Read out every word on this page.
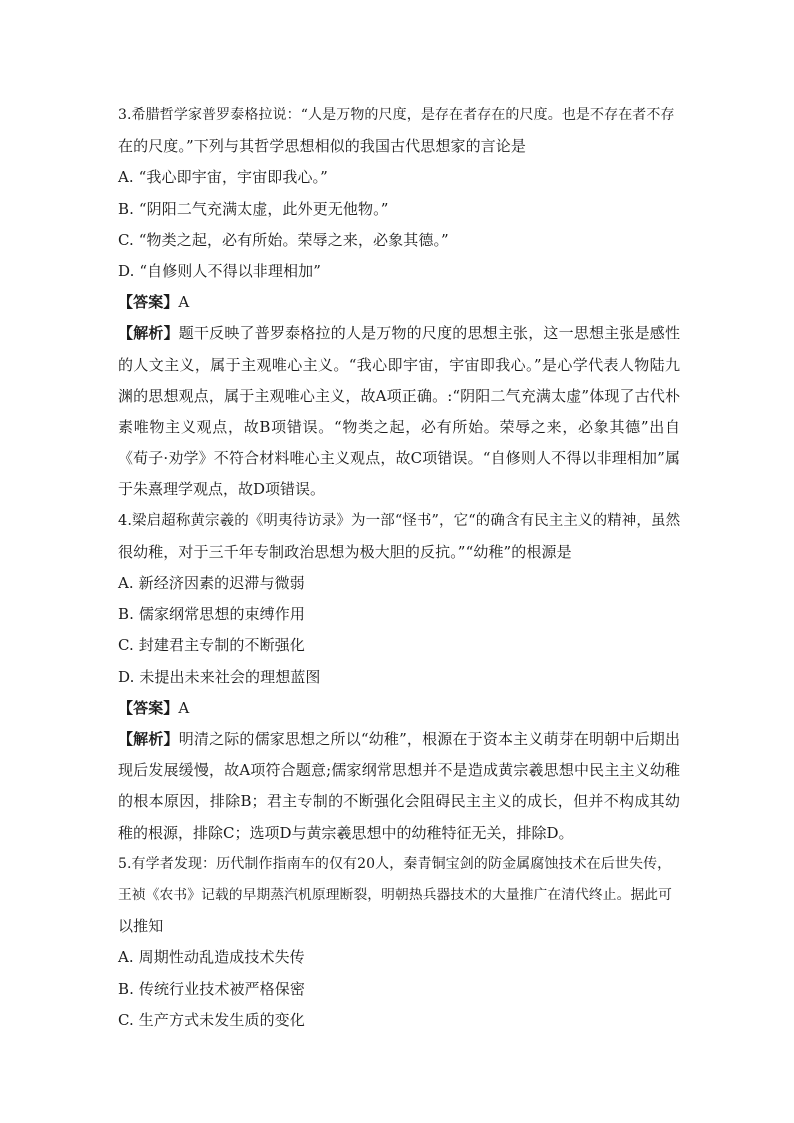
3.希腊哲学家普罗泰格拉说：“人是万物的尺度，是存在者存在的尺度。也是不存在者不存
在的尺度。”下列与其哲学思想相似的我国古代思想家的言论是
A. “我心即宇宙，宇宙即我心。”
B. “阴阳二气充满太虚，此外更无他物。”
C. “物类之起，必有所始。荣辱之来，必象其德。”
D. “自修则人不得以非理相加”
【答案】A
【解析】题干反映了普罗泰格拉的人是万物的尺度的思想主张，这一思想主张是感性的人文主义，属于主观唯心主义。“我心即宇宙，宇宙即我心。”是心学代表人物陆九渊的思想观点，属于主观唯心主义，故A项正确。:“阴阳二气充满太虚”体现了古代朴素唯物主义观点，故B项错误。“物类之起，必有所始。荣辱之来，必象其德”出自《荀子·劝学》不符合材料唯心主义观点，故C项错误。“自修则人不得以非理相加”属于朱熹理学观点，故D项错误。
4.梁启超称黄宗羲的《明夷待访录》为一部“怪书”，它“的确含有民主主义的精神，虽然
很幼稚，对于三千年专制政治思想为极大胆的反抗。”“幼稚”的根源是
A. 新经济因素的迟滞与微弱
B. 儒家纲常思想的束缚作用
C. 封建君主专制的不断强化
D. 未提出未来社会的理想蓝图
【答案】A
【解析】明清之际的儒家思想之所以“幼稚”，根源在于资本主义萌芽在明朝中后期出现后发展缓慢，故A项符合题意;儒家纲常思想并不是造成黄宗羲思想中民主主义幼稚的根本原因，排除B；君主专制的不断强化会阻碍民主主义的成长，但并不构成其幼稚的根源，排除C；选项D与黄宗羲思想中的幼稚特征无关，排除D。
5.有学者发现：历代制作指南车的仅有20人，秦青铜宝剑的防金属腐蚀技术在后世失传，
王祯《农书》记载的早期蒸汽机原理断裂，明朝热兵器技术的大量推广在清代终止。据此可
以推知
A. 周期性动乱造成技术失传
B. 传统行业技术被严格保密
C. 生产方式未发生质的变化
